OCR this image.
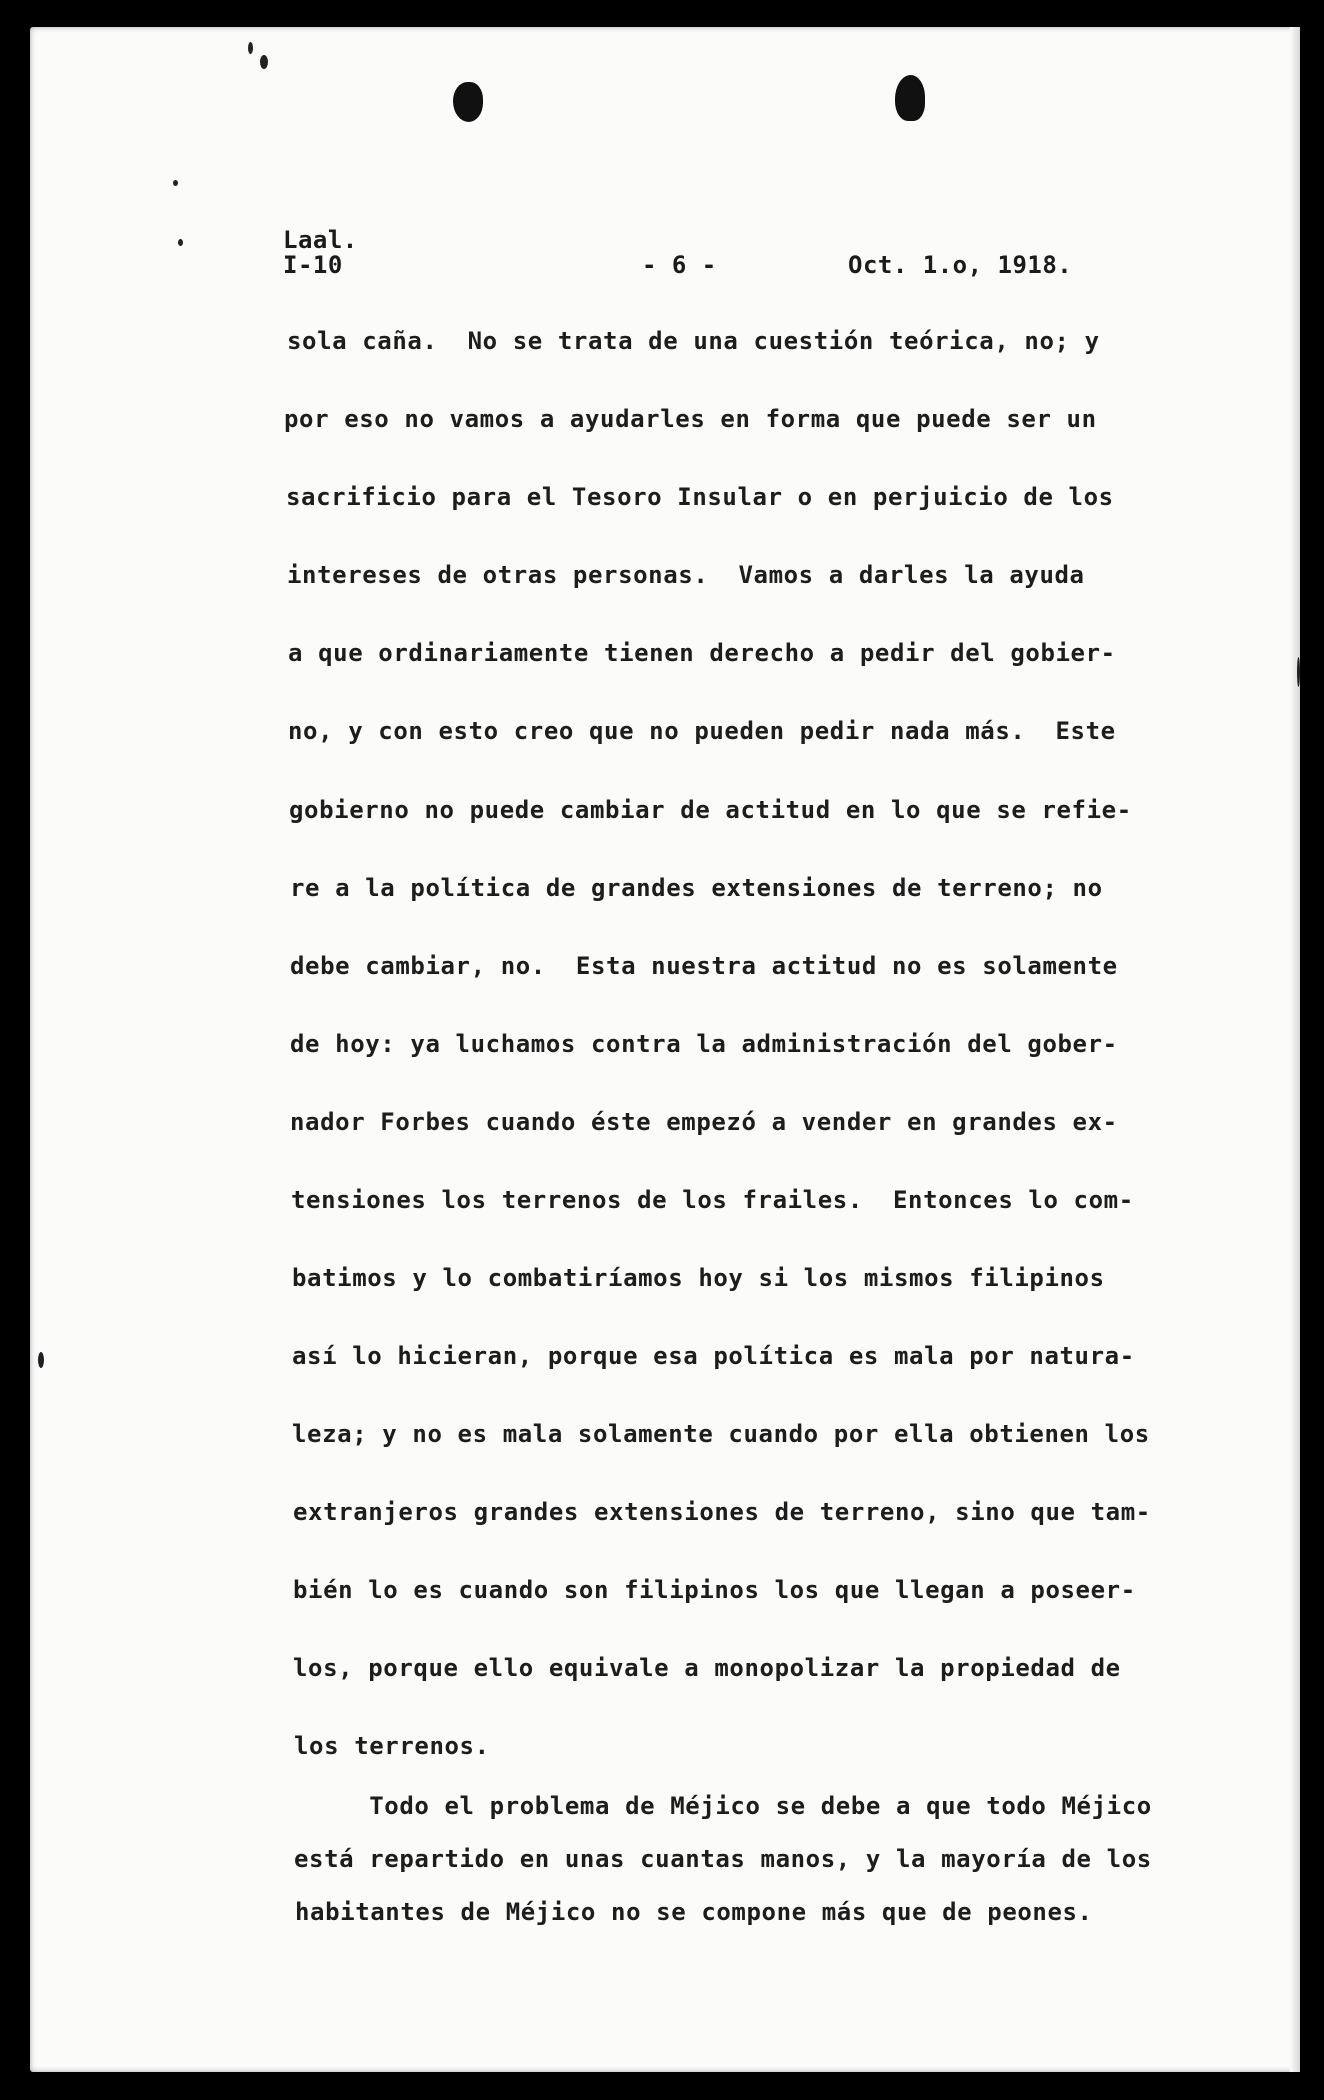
Laal.
I-10	- 6 -	Oct. 1.o, 1918.
sola caña.  No se trata de una cuestión teórica, no; y
por eso no vamos a ayudarles en forma que puede ser un
sacrificio para el Tesoro Insular o en perjuicio de los
intereses de otras personas.  Vamos a darles la ayuda
a que ordinariamente tienen derecho a pedir del gobier-
no, y con esto creo que no pueden pedir nada más.  Este
gobierno no puede cambiar de actitud en lo que se refie-
re a la política de grandes extensiones de terreno; no
debe cambiar, no.  Esta nuestra actitud no es solamente
de hoy: ya luchamos contra la administración del gober-
nador Forbes cuando éste empezó a vender en grandes ex-
tensiones los terrenos de los frailes.  Entonces lo com-
batimos y lo combatiríamos hoy si los mismos filipinos
así lo hicieran, porque esa política es mala por natura-
leza; y no es mala solamente cuando por ella obtienen los
extranjeros grandes extensiones de terreno, sino que tam-
bién lo es cuando son filipinos los que llegan a poseer-
los, porque ello equivale a monopolizar la propiedad de
los terrenos.
Todo el problema de Méjico se debe a que todo Méjico
está repartido en unas cuantas manos, y la mayoría de los
habitantes de Méjico no se compone más que de peones.
